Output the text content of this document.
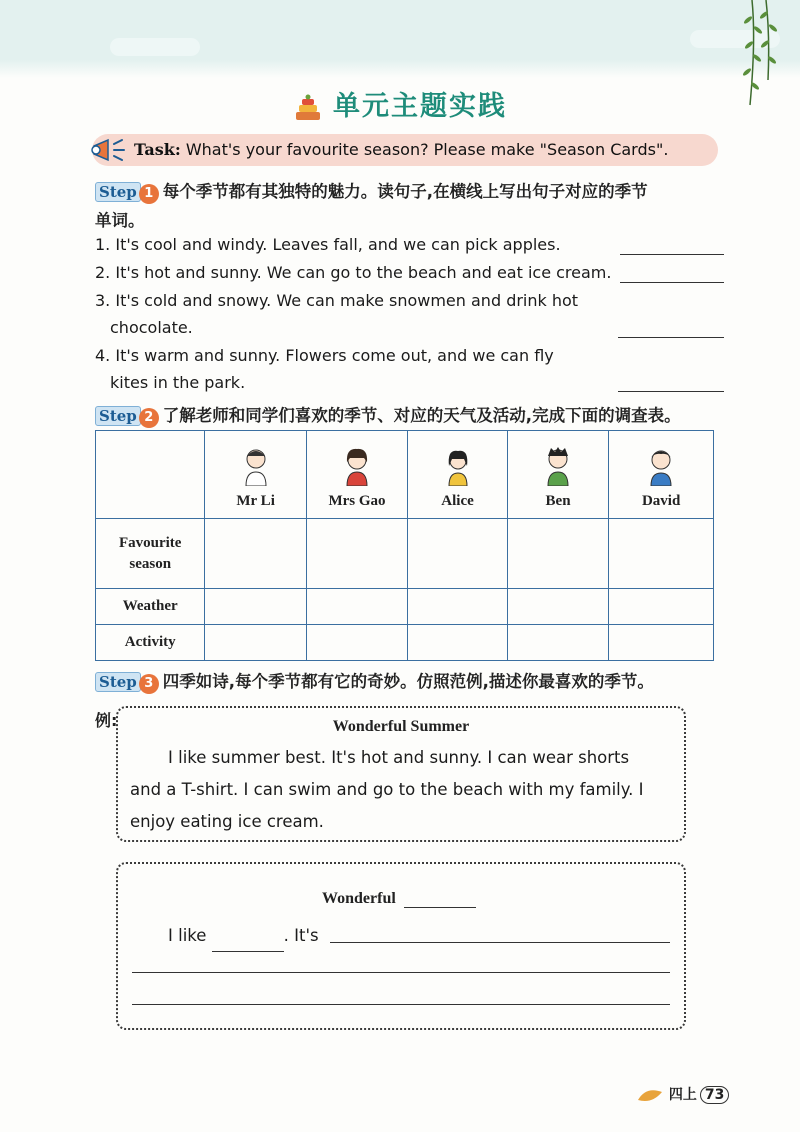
单元主题实践
Task: What's your favourite season? Please make "Season Cards".
Step 1 每个季节都有其独特的魅力。读句子,在横线上写出句子对应的季节
单词。
1. It's cool and windy. Leaves fall, and we can pick apples.
2. It's hot and sunny. We can go to the beach and eat ice cream.
3. It's cold and snowy. We can make snowmen and drink hot
chocolate.
4. It's warm and sunny. Flowers come out, and we can fly
kites in the park.
Step 2 了解老师和同学们喜欢的季节、对应的天气及活动,完成下面的调查表。

	Mr Li	Mrs Gao	Alice	Ben	David

Favourite season					
Weather					
Activity					
Step 3 四季如诗,每个季节都有它的奇妙。仿照范例,描述你最喜欢的季节。
例:	Wonderful Summer
I like summer best. It's hot and sunny. I can wear shorts
and a T-shirt. I can swim and go to the beach with my family. I
enjoy eating ice cream.
Wonderful
I like	. It's
四上 73
